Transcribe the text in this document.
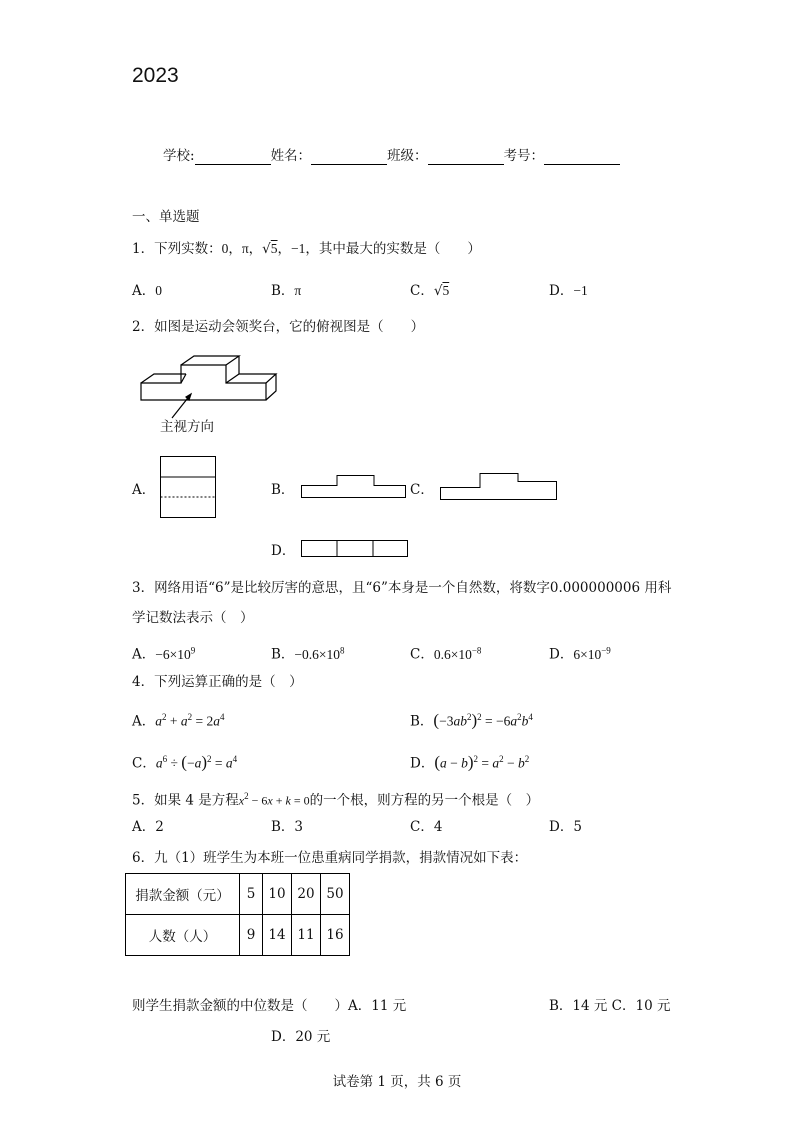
2023
学校:	姓名：	班级：	考号：
一、单选题
1．下列实数：0，π，√5，−1，其中最大的实数是（　　）
A．0	B．π	C．√5	D．−1
2．如图是运动会领奖台，它的俯视图是（　　）
主视方向
A．	B．	C．
D．
3．网络用语“6”是比较厉害的意思，且“6”本身是一个自然数，将数字0.000000006 用科
学记数法表示（　）
A．$-6\times 10^9$	B．$-0.6\times 10^8$	C．$0.6\times 10^{-8}$	D．$6\times 10^{-9}$
4．下列运算正确的是（　）
A．$a^2 + a^2 = 2a^4$	B．$(-3ab^2)^2 = -6a^2b^4$
C．$a^6 \div (-a)^2 = a^4$	D．$(a - b)^2 = a^2 - b^2$
5．如果 4 是方程$x^2 - 6x + k = 0$的一个根，则方程的另一个根是（　）
A．2	B．3	C．4	D．5
6．九（1）班学生为本班一位患重病同学捐款，捐款情况如下表：
捐款金额（元）	5	10	20	50
人数（人）	9	14	11	16
则学生捐款金额的中位数是（　　）A．11 元	B．14 元 C．10 元
D．20 元
试卷第 1 页，共 6 页
